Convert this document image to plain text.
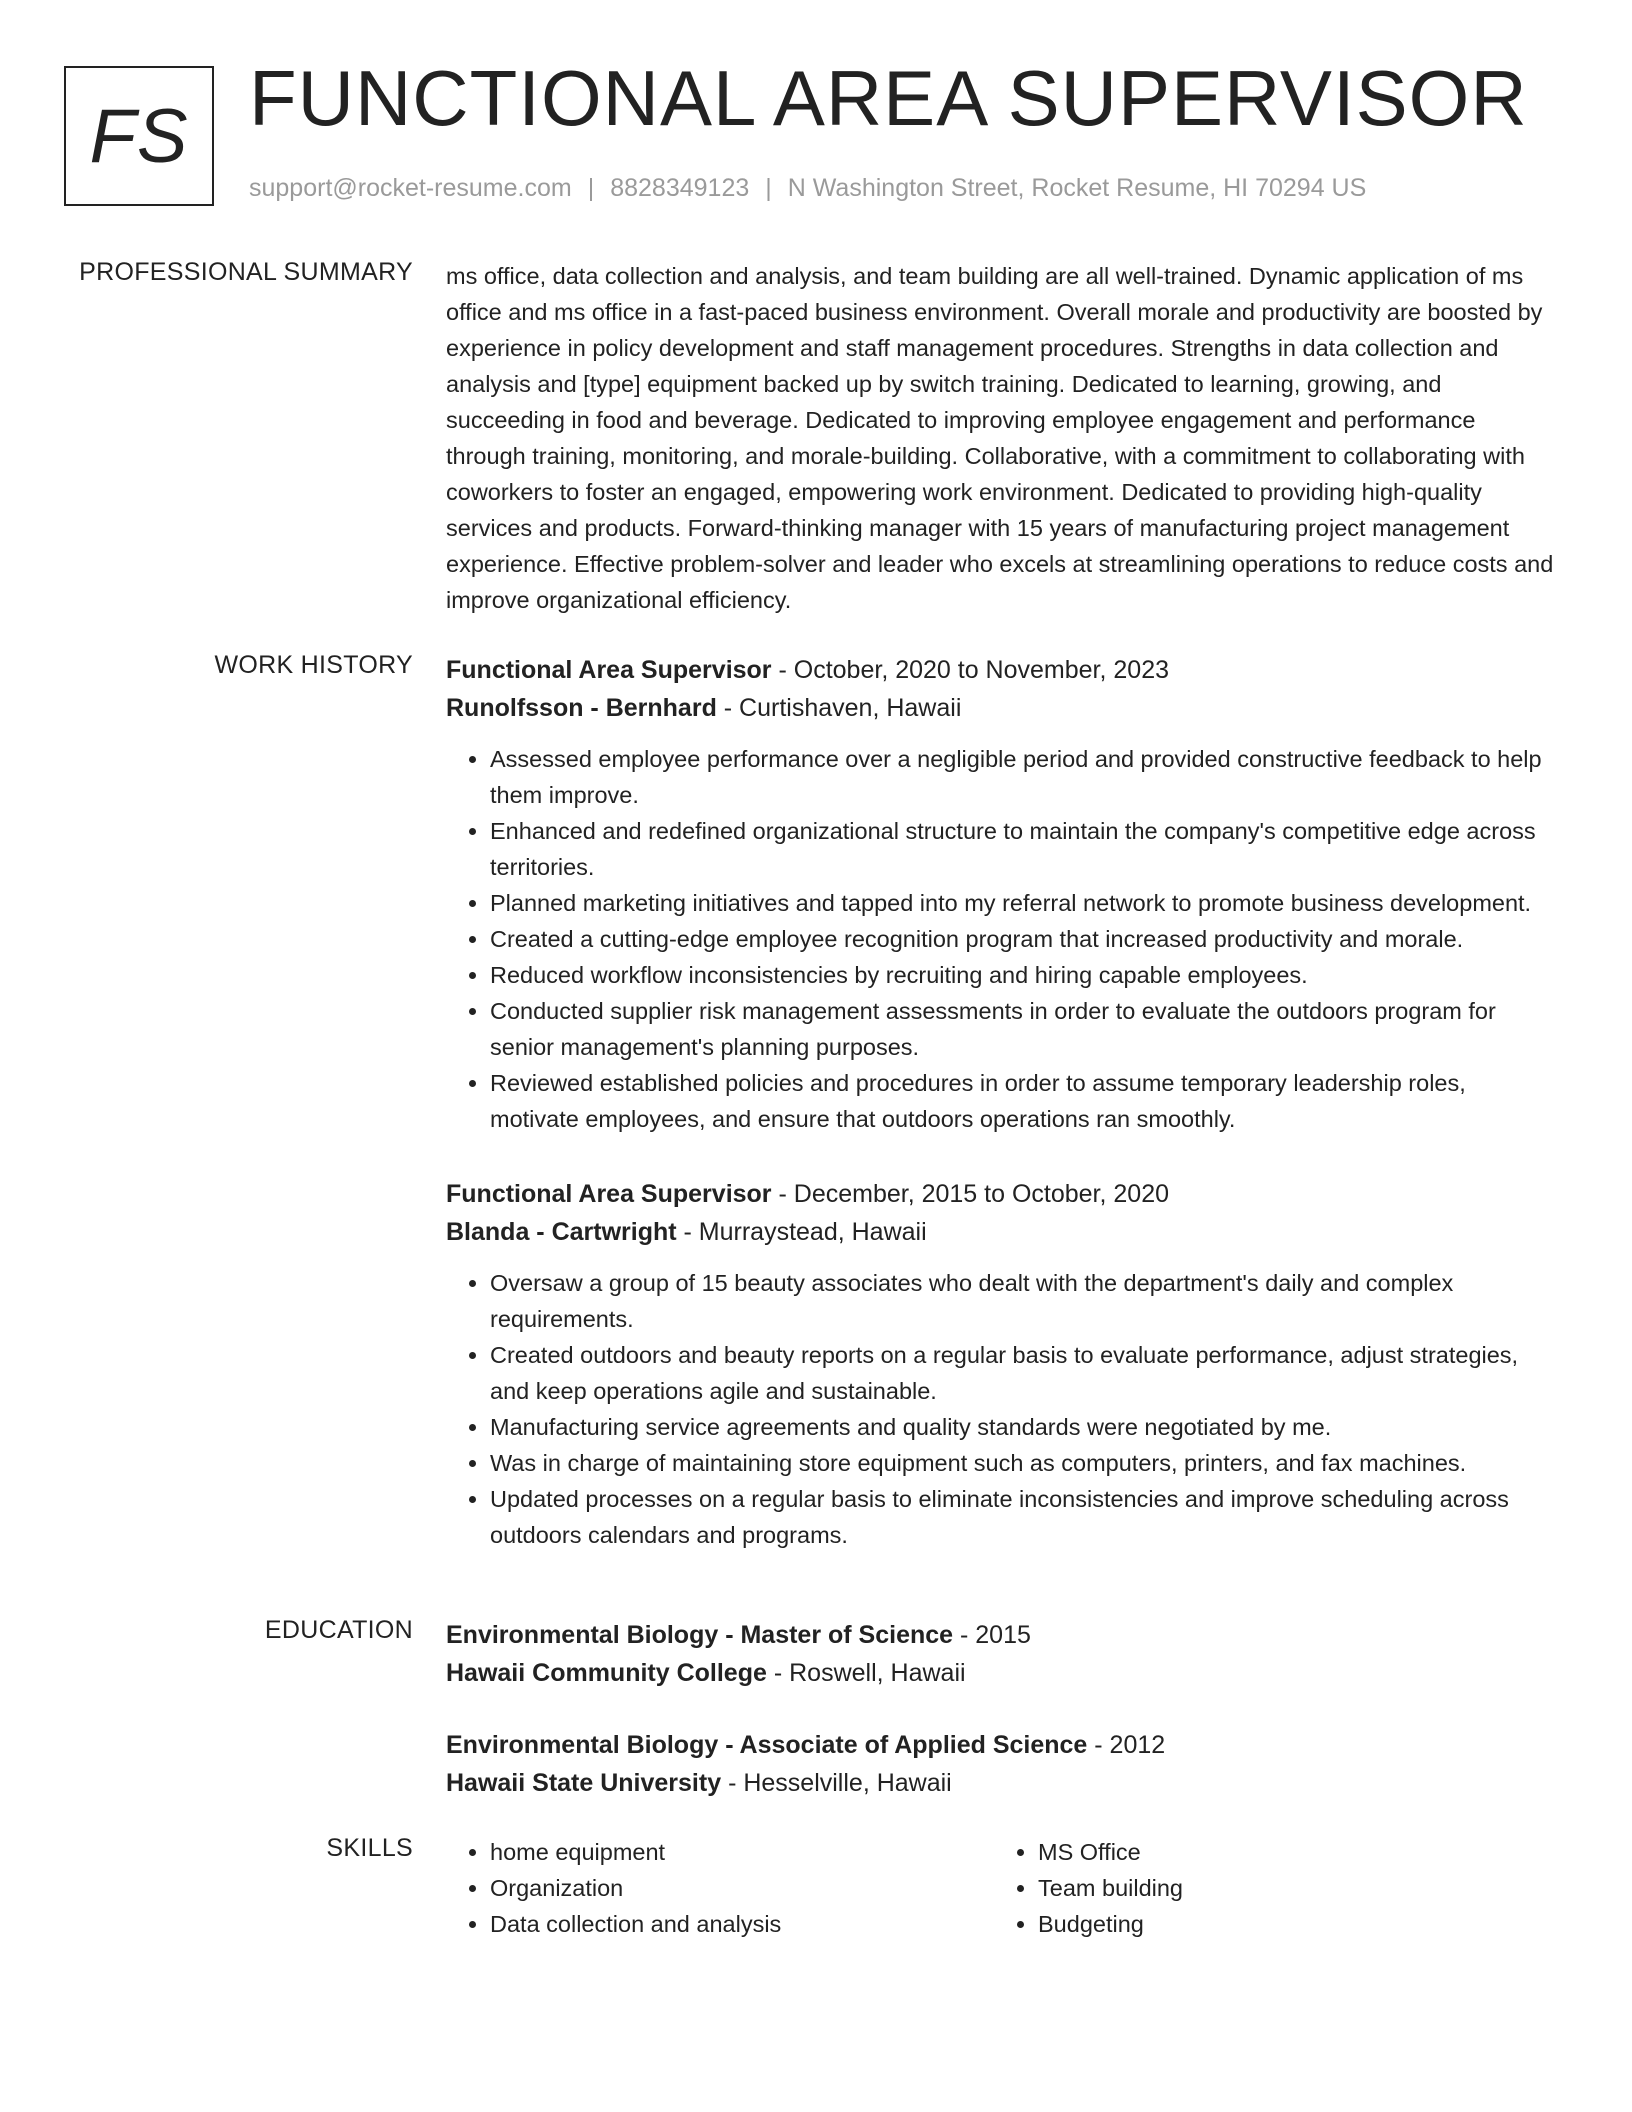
FS FUNCTIONAL AREA SUPERVISOR
support@rocket-resume.com | 8828349123 | N Washington Street, Rocket Resume, HI 70294 US
PROFESSIONAL SUMMARY ms office, data collection and analysis, and team building are all well-trained. Dynamic application of ms office and ms office in a fast-paced business environment. Overall morale and productivity are boosted by experience in policy development and staff management procedures. Strengths in data collection and analysis and [type] equipment backed up by switch training. Dedicated to learning, growing, and succeeding in food and beverage. Dedicated to improving employee engagement and performance through training, monitoring, and morale-building. Collaborative, with a commitment to collaborating with coworkers to foster an engaged, empowering work environment. Dedicated to providing high-quality services and products. Forward-thinking manager with 15 years of manufacturing project management experience. Effective problem-solver and leader who excels at streamlining operations to reduce costs and improve organizational efficiency.

WORK HISTORY Functional Area Supervisor - October, 2020 to November, 2023
Runolfsson - Bernhard - Curtishaven, Hawaii
• Assessed employee performance over a negligible period and provided constructive feedback to help them improve.
• Enhanced and redefined organizational structure to maintain the company's competitive edge across territories.
• Planned marketing initiatives and tapped into my referral network to promote business development.
• Created a cutting-edge employee recognition program that increased productivity and morale.
• Reduced workflow inconsistencies by recruiting and hiring capable employees.
• Conducted supplier risk management assessments in order to evaluate the outdoors program for senior management's planning purposes.
• Reviewed established policies and procedures in order to assume temporary leadership roles, motivate employees, and ensure that outdoors operations ran smoothly.
Functional Area Supervisor - December, 2015 to October, 2020
Blanda - Cartwright - Murraystead, Hawaii
• Oversaw a group of 15 beauty associates who dealt with the department's daily and complex requirements.
• Created outdoors and beauty reports on a regular basis to evaluate performance, adjust strategies, and keep operations agile and sustainable.
• Manufacturing service agreements and quality standards were negotiated by me.
• Was in charge of maintaining store equipment such as computers, printers, and fax machines.
• Updated processes on a regular basis to eliminate inconsistencies and improve scheduling across outdoors calendars and programs.
EDUCATION Environmental Biology - Master of Science - 2015
Hawaii Community College - Roswell, Hawaii
Environmental Biology - Associate of Applied Science - 2012
Hawaii State University - Hesselville, Hawaii
SKILLS
•	home equipment
• Organization
• Data collection and analysis
• MS Office
• Team building
• Budgeting
